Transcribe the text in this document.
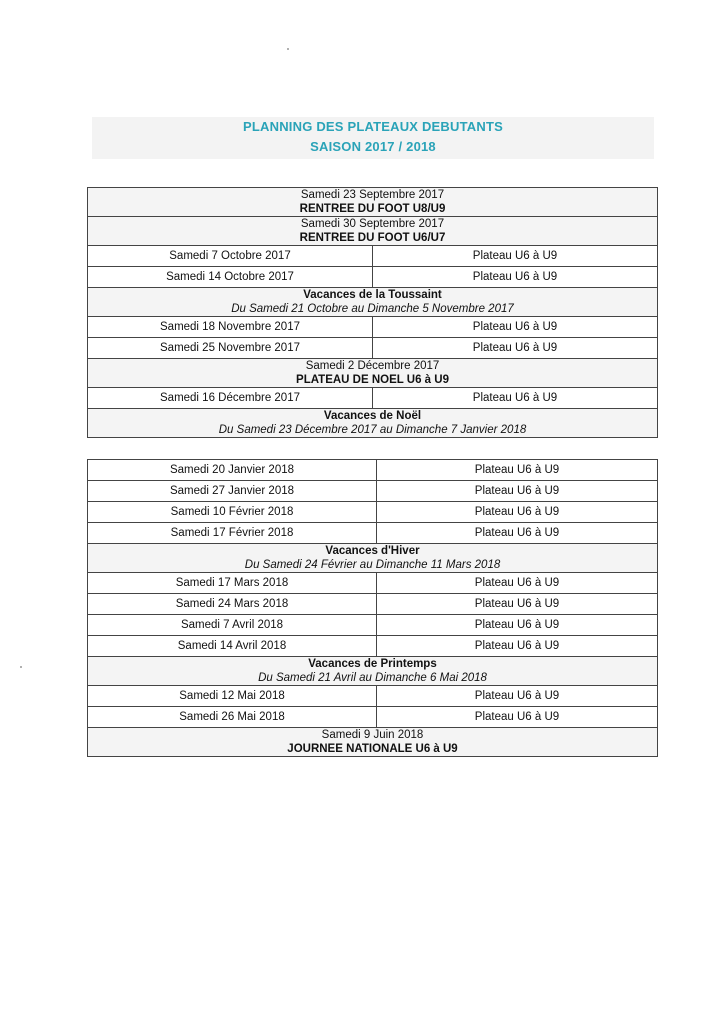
PLANNING DES PLATEAUX DEBUTANTS
SAISON 2017 / 2018
Samedi 23 Septembre 2017
RENTREE DU FOOT U8/U9	

Samedi 30 Septembre 2017
RENTREE DU FOOT U6/U7	

Samedi 7 Octobre 2017	Plateau U6 à U9
Samedi 14 Octobre 2017	Plateau U6 à U9

Vacances de la Toussaint
Du Samedi 21 Octobre au Dimanche 5 Novembre 2017	

Samedi 18 Novembre 2017	Plateau U6 à U9
Samedi 25 Novembre 2017	Plateau U6 à U9

Samedi 2 Décembre 2017
PLATEAU DE NOEL U6 à U9	

Samedi 16 Décembre 2017	Plateau U6 à U9

Vacances de Noël
Du Samedi 23 Décembre 2017 au Dimanche 7 Janvier 2018	
Samedi 20 Janvier 2018	Plateau U6 à U9
Samedi 27 Janvier 2018	Plateau U6 à U9
Samedi 10 Février 2018	Plateau U6 à U9
Samedi 17 Février 2018	Plateau U6 à U9

Vacances d'Hiver
Du Samedi 24 Février au Dimanche 11 Mars 2018	

Samedi 17 Mars 2018	Plateau U6 à U9
Samedi 24 Mars 2018	Plateau U6 à U9
Samedi 7 Avril 2018	Plateau U6 à U9
Samedi 14 Avril 2018	Plateau U6 à U9

Vacances de Printemps
Du Samedi 21 Avril au Dimanche 6 Mai 2018	

Samedi 12 Mai 2018	Plateau U6 à U9
Samedi 26 Mai 2018	Plateau U6 à U9

Samedi 9 Juin 2018
JOURNEE NATIONALE U6 à U9	
